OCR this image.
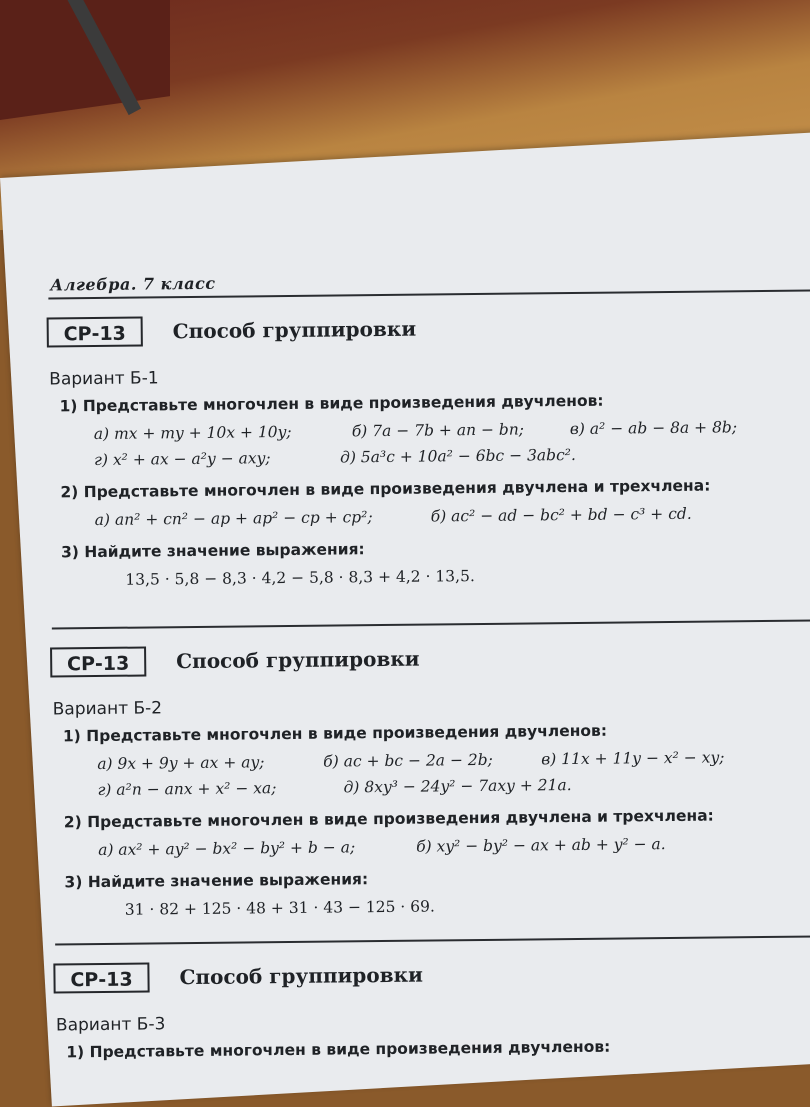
Алгебра. 7 класс
СР-13	Способ группировки
Вариант Б-1
1) Представьте многочлен в виде произведения двучленов:
а) mx + my + 10x + 10y;	б) 7a − 7b + an − bn;	в) a² − ab − 8a + 8b;
г) x² + ax − a²y − axy;	д) 5a³c + 10a² − 6bc − 3abc².
2) Представьте многочлен в виде произведения двучлена и трехчлена:
а) an² + cn² − ap + ap² − cp + cp²;	б) ac² − ad − bc² + bd − c³ + cd.
3) Найдите значение выражения:
13,5 · 5,8 − 8,3 · 4,2 − 5,8 · 8,3 + 4,2 · 13,5.
СР-13	Способ группировки
Вариант Б-2
1) Представьте многочлен в виде произведения двучленов:
а) 9x + 9y + ax + ay;	б) ac + bc − 2a − 2b;	в) 11x + 11y − x² − xy;
г) a²n − anx + x² − xa;	д) 8xy³ − 24y² − 7axy + 21a.
2) Представьте многочлен в виде произведения двучлена и трехчлена:
а) ax² + ay² − bx² − by² + b − a;	б) xy² − by² − ax + ab + y² − a.
3) Найдите значение выражения:
31 · 82 + 125 · 48 + 31 · 43 − 125 · 69.
СР-13	Способ группировки
Вариант Б-3
1) Представьте многочлен в виде произведения двучленов:
